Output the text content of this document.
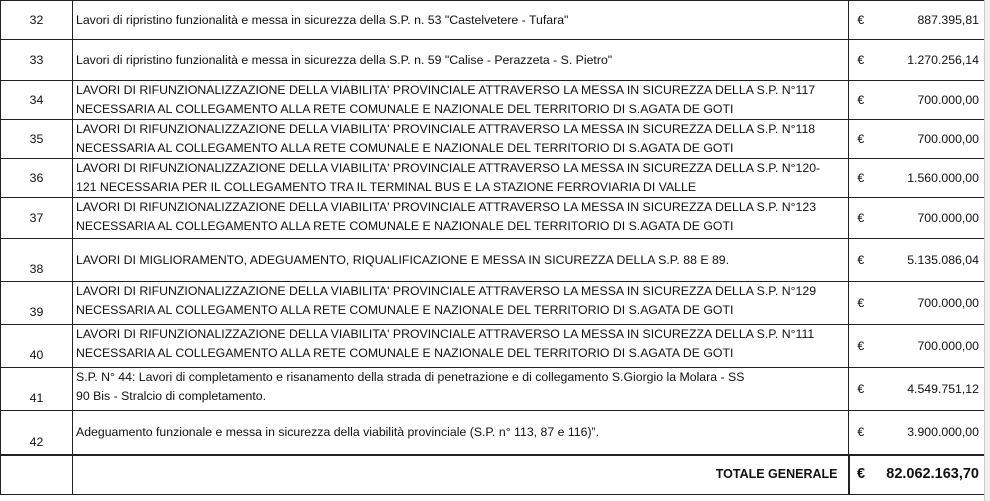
32	Lavori di ripristino funzionalità e messa in sicurezza della S.P. n. 53 "Castelvetere - Tufara"	€	887.395,81
33	Lavori di ripristino funzionalità e messa in sicurezza della S.P. n. 59 "Calise - Perazzeta - S. Pietro"	€	1.270.256,14
34	LAVORI DI RIFUNZIONALIZZAZIONE DELLA VIABILITA' PROVINCIALE ATTRAVERSO LA MESSA IN SICUREZZA DELLA S.P. N°117
NECESSARIA AL COLLEGAMENTO ALLA RETE COMUNALE E NAZIONALE DEL TERRITORIO DI S.AGATA DE GOTI	€	700.000,00
35	LAVORI DI RIFUNZIONALIZZAZIONE DELLA VIABILITA' PROVINCIALE ATTRAVERSO LA MESSA IN SICUREZZA DELLA S.P. N°118
NECESSARIA AL COLLEGAMENTO ALLA RETE COMUNALE E NAZIONALE DEL TERRITORIO DI S.AGATA DE GOTI	€	700.000,00
36	LAVORI DI RIFUNZIONALIZZAZIONE DELLA VIABILITA' PROVINCIALE ATTRAVERSO LA MESSA IN SICUREZZA DELLA S.P. N°120-
121 NECESSARIA PER IL COLLEGAMENTO TRA IL TERMINAL BUS E LA STAZIONE FERROVIARIA DI VALLE	€	1.560.000,00
37	LAVORI DI RIFUNZIONALIZZAZIONE DELLA VIABILITA' PROVINCIALE ATTRAVERSO LA MESSA IN SICUREZZA DELLA S.P. N°123
NECESSARIA AL COLLEGAMENTO ALLA RETE COMUNALE E NAZIONALE DEL TERRITORIO DI S.AGATA DE GOTI	€	700.000,00
38	LAVORI DI MIGLIORAMENTO, ADEGUAMENTO, RIQUALIFICAZIONE E MESSA IN SICUREZZA DELLA S.P. 88 E 89.	€	5.135.086,04
39	LAVORI DI RIFUNZIONALIZZAZIONE DELLA VIABILITA' PROVINCIALE ATTRAVERSO LA MESSA IN SICUREZZA DELLA S.P. N°129
NECESSARIA AL COLLEGAMENTO ALLA RETE COMUNALE E NAZIONALE DEL TERRITORIO DI S.AGATA DE GOTI	€	700.000,00
40	LAVORI DI RIFUNZIONALIZZAZIONE DELLA VIABILITA' PROVINCIALE ATTRAVERSO LA MESSA IN SICUREZZA DELLA S.P. N°111
NECESSARIA AL COLLEGAMENTO ALLA RETE COMUNALE E NAZIONALE DEL TERRITORIO DI S.AGATA DE GOTI	€	700.000,00
41	S.P. N° 44: Lavori di completamento e risanamento della strada di penetrazione e di collegamento S.Giorgio la Molara - SS
90 Bis - Stralcio di completamento.	€	4.549.751,12
42	Adeguamento funzionale e messa in sicurezza della viabilità provinciale (S.P. n° 113, 87 e 116)”.	€	3.900.000,00
	TOTALE GENERALE	€	82.062.163,70
